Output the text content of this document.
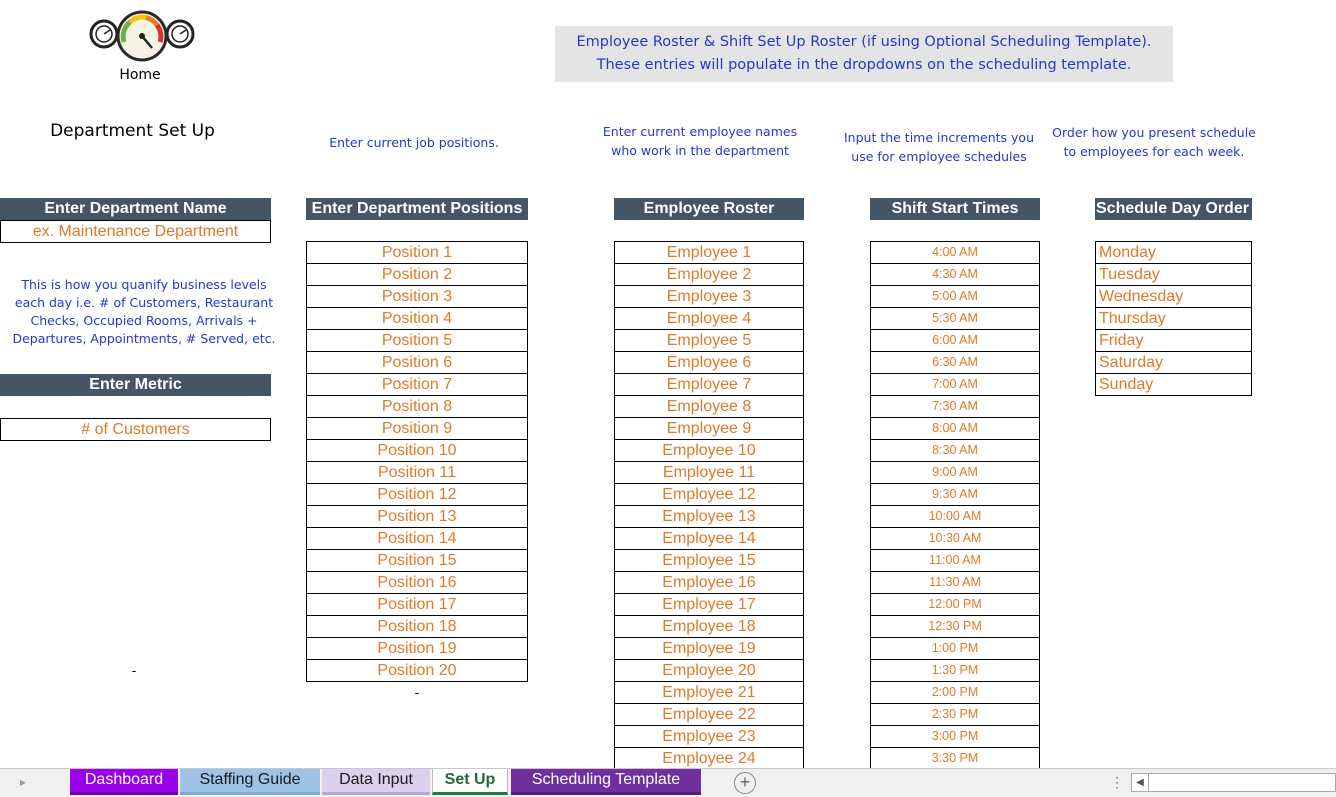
Home
Employee Roster & Shift Set Up Roster (if using Optional Scheduling Template).
These entries will populate in the dropdowns on the scheduling template.
Department Set Up
Enter Department Name
ex. Maintenance Department
This is how you quanify business levels
each day i.e. # of Customers, Restaurant
Checks, Occupied Rooms, Arrivals +
Departures, Appointments, # Served, etc.
Enter Metric
# of Customers
-
Enter current job positions.
Enter Department Positions
Position 1
Position 2
Position 3
Position 4
Position 5
Position 6
Position 7
Position 8
Position 9
Position 10
Position 11
Position 12
Position 13
Position 14
Position 15
Position 16
Position 17
Position 18
Position 19
Position 20
-
Enter current employee names
who work in the department
Employee Roster
Employee 1
Employee 2
Employee 3
Employee 4
Employee 5
Employee 6
Employee 7
Employee 8
Employee 9
Employee 10
Employee 11
Employee 12
Employee 13
Employee 14
Employee 15
Employee 16
Employee 17
Employee 18
Employee 19
Employee 20
Employee 21
Employee 22
Employee 23
Employee 24
Input the time increments you
use for employee schedules
Shift Start Times
4:00 AM
4:30 AM
5:00 AM
5:30 AM
6:00 AM
6:30 AM
7:00 AM
7:30 AM
8:00 AM
8:30 AM
9:00 AM
9:30 AM
10:00 AM
10:30 AM
11:00 AM
11:30 AM
12:00 PM
12:30 PM
1:00 PM
1:30 PM
2:00 PM
2:30 PM
3:00 PM
3:30 PM
Order how you present schedule
to employees for each week.
Schedule Day Order
Monday
Tuesday
Wednesday
Thursday
Friday
Saturday
Sunday
▸	Dashboard	Staffing Guide	Data Input	Set Up	Scheduling Template	+	⋮	◀
